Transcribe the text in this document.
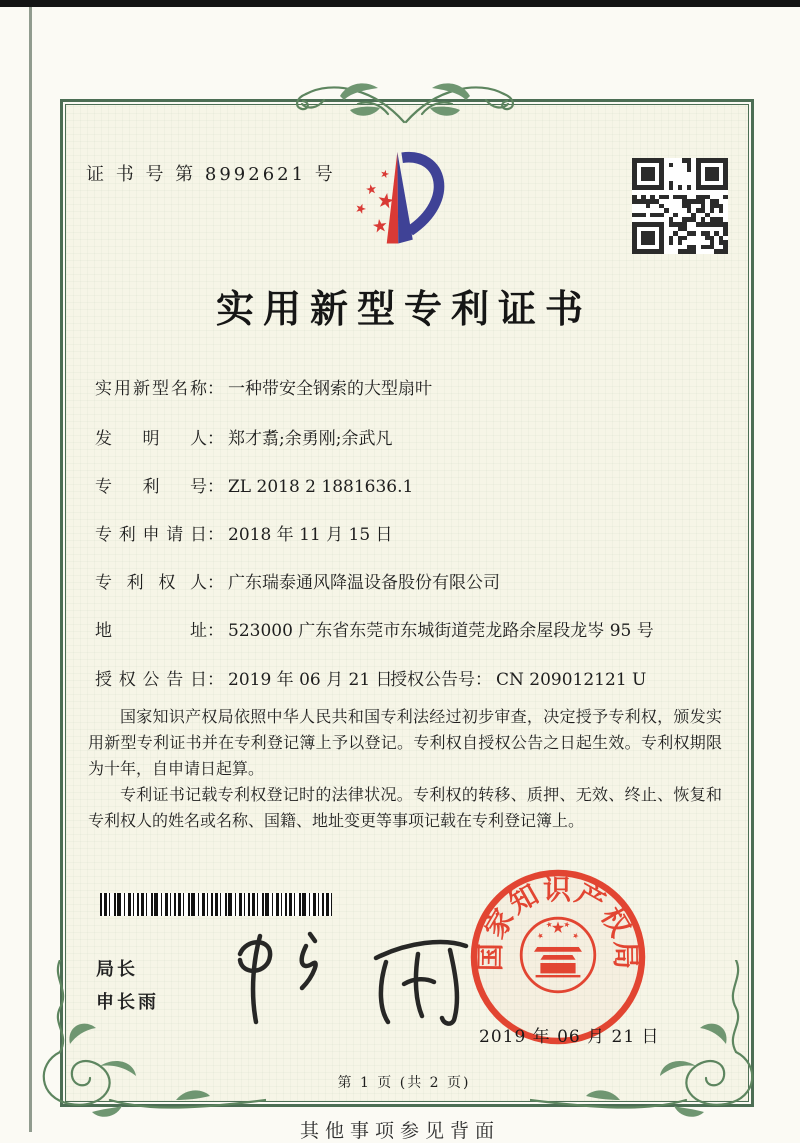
证 书 号 第 8992621 号
实用新型专利证书
实用新型名称： 一种带安全钢索的大型扇叶
发明人： 郑才翥;余勇刚;余武凡
专利号： ZL 2018 2 1881636.1
专利申请日： 2018 年 11 月 15 日
专利权人： 广东瑞泰通风降温设备股份有限公司
地址： 523000 广东省东莞市东城街道莞龙路余屋段龙岑 95 号
授权公告日： 2019 年 06 月 21 日
授权公告号： CN 209012121 U

国家知识产权局依照中华人民共和国专利法经过初步审查，决定授予专利权，颁发实用新型专利证书并在专利登记簿上予以登记。专利权自授权公告之日起生效。专利权期限为十年，自申请日起算。

专利证书记载专利权登记时的法律状况。专利权的转移、质押、无效、终止、恢复和专利权人的姓名或名称、国籍、地址变更等事项记载在专利登记簿上。

局长
申长雨
国家知识产权局
2019 年 06 月 21 日
第 1 页 (共 2 页)
其他事项参见背面
